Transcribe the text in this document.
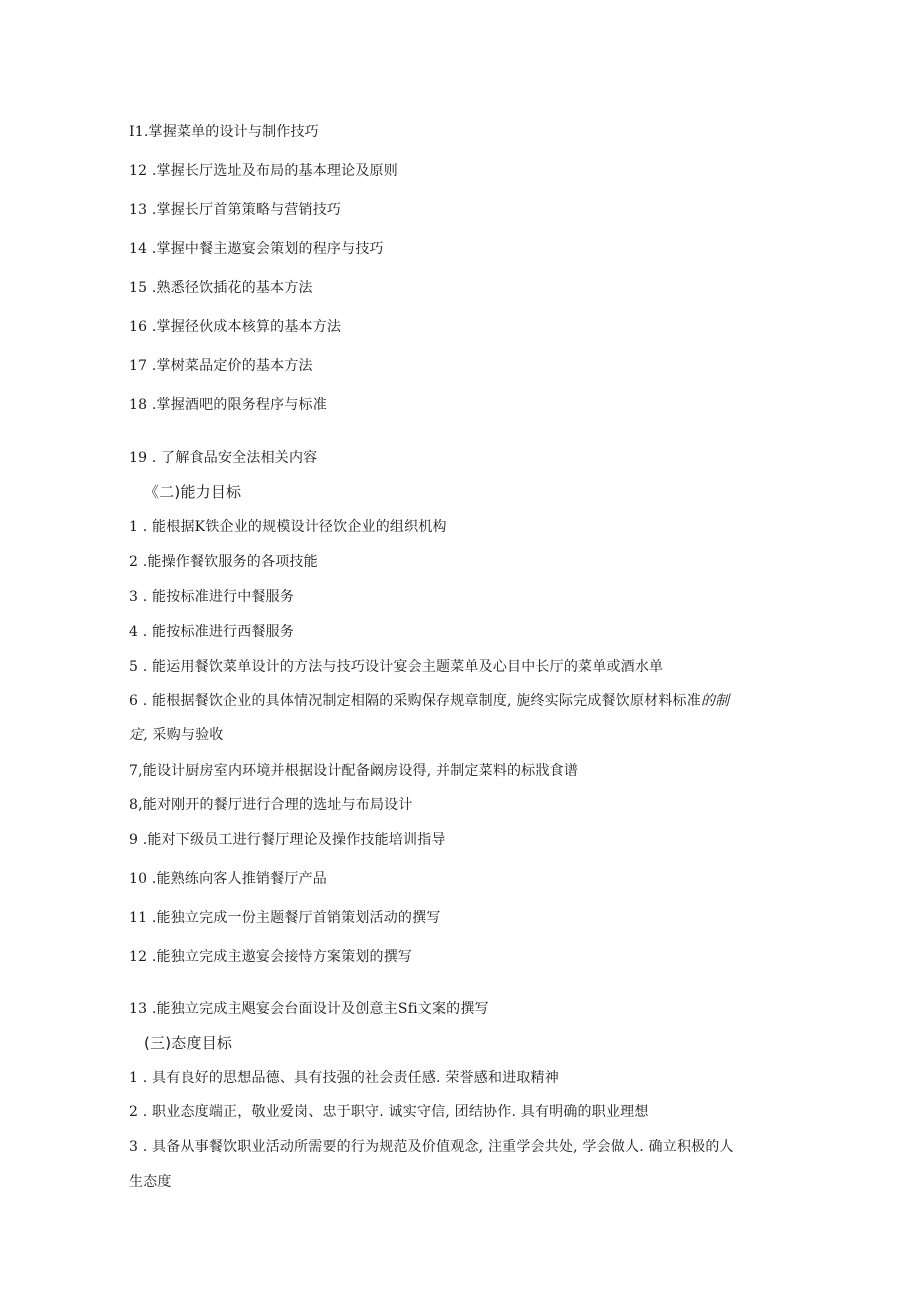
I1.掌握菜单的设计与制作技巧
12 .掌握长厅选址及布局的基本理论及原则
13 .掌握长厅首第策略与营销技巧
14 .掌握中餐主遨宴会策划的程序与技巧
15 .熟悉径饮插花的基本方法
16 .掌握径伙成本核算的基本方法
17 .掌树菜品定价的基本方法
18 .掌握酒吧的限务程序与标准
19 . 了解食品安全法相关内容
《二)能力目标
1 . 能根据K铁企业的规模设计径饮企业的组织机构
2 .能操作餐钦服务的各项技能
3 . 能按标准进行中餐服务
4 . 能按标准进行西餐服务
5 . 能运用餐饮菜单设计的方法与技巧设计宴会主题菜单及心目中长厅的菜单或酒水单
6 . 能根据餐饮企业的具体情况制定相隔的采购保存规章制度, 旎终实际完成餐饮原材料标准的制
定, 采购与验收
7,能设计厨房室内环境并根据设计配备阚房设得, 并制定菜料的标戕食谱
8,能对刚开的餐厅进行合理的选址与布局设计
9 .能对下级员工进行餐厅理论及操作技能培训指导
10 .能熟练向客人推销餐厅产品
11 .能独立完成一份主题餐厅首销策划活动的撰写
12 .能独立完成主遨宴会接恃方案策划的撰写
13 .能独立完成主飓宴会台面设计及创意主Sfi文案的撰写
(三)态度目标
1 . 具有良好的思想品德、具有技强的社会责任感. 荣誉感和进取精神
2 . 职业态度端正，敬业爱岗、忠于职守. 诚实守信, 团结协作. 具有明确的职业理想
3 . 具备从事餐饮职业活动所需要的行为规范及价值观念, 注重学会共处, 学会做人. 确立积极的人
生态度
